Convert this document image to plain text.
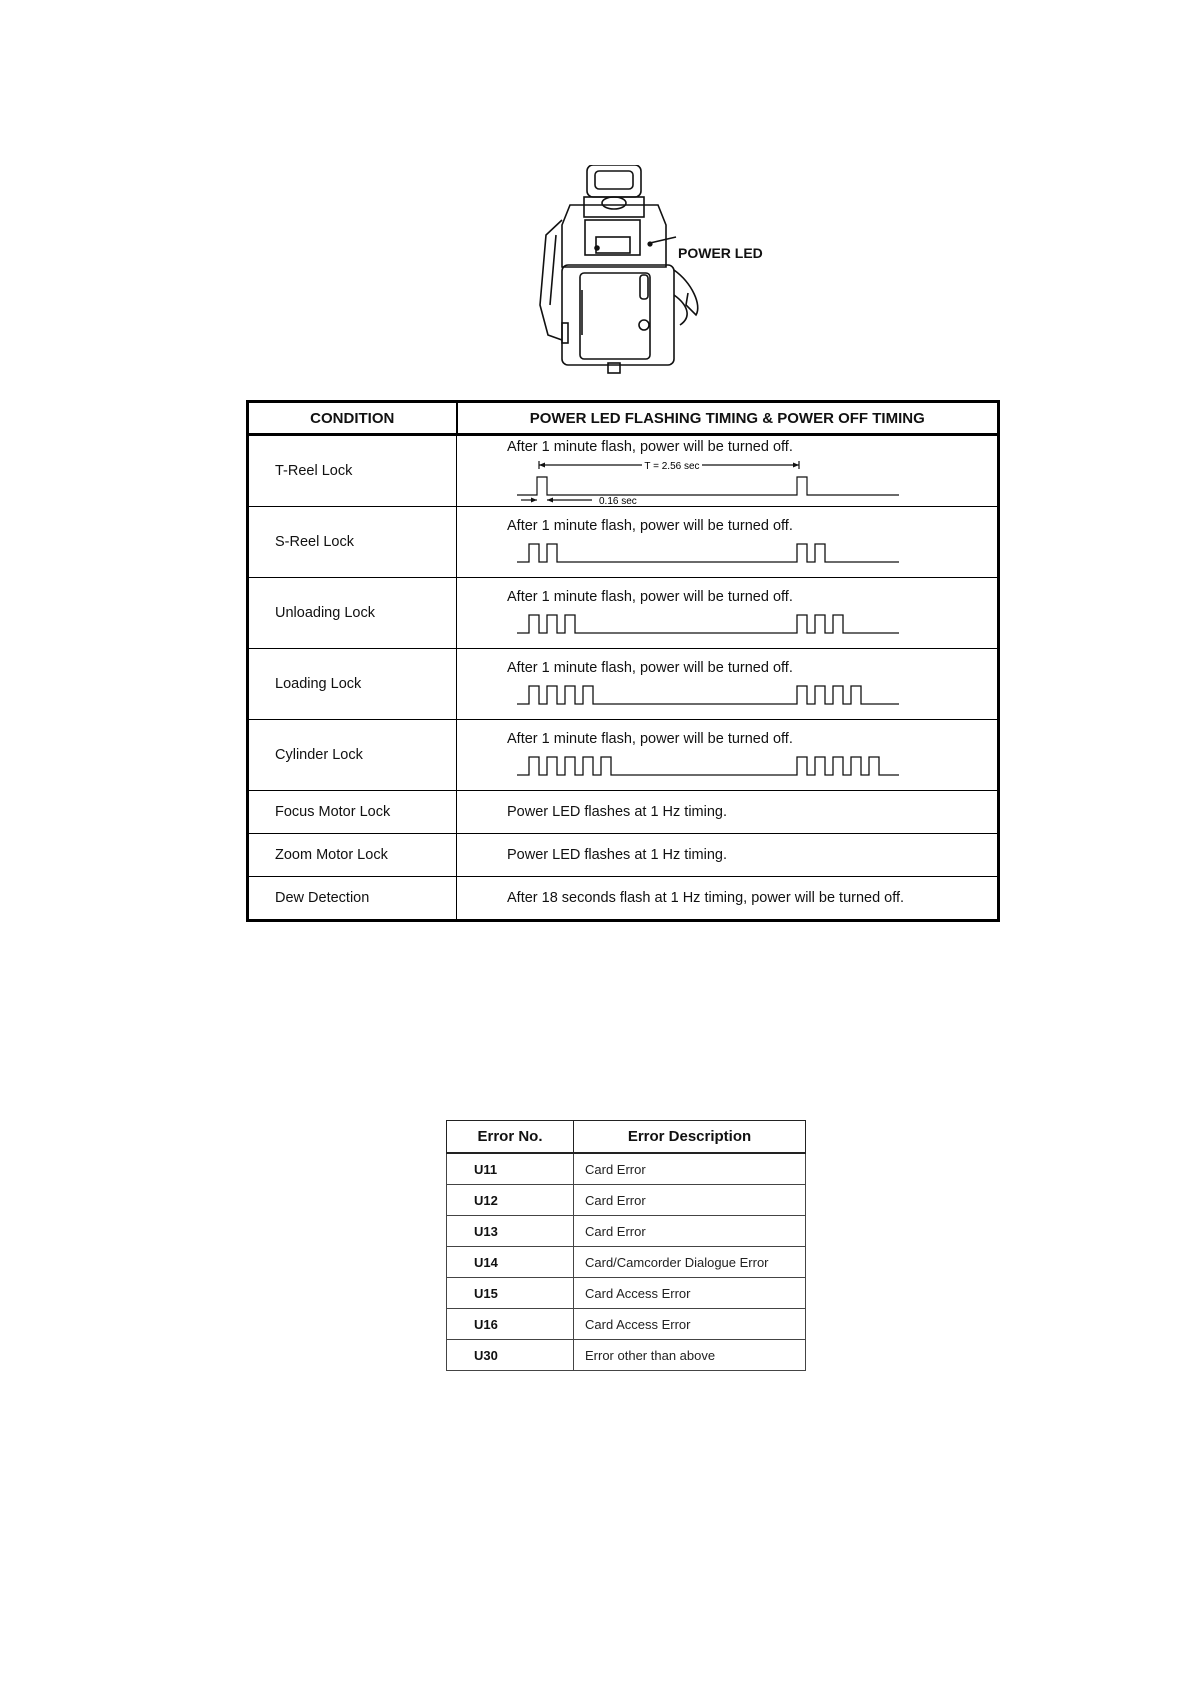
POWER LED
CONDITION	POWER LED FLASHING TIMING & POWER OFF TIMING
T-Reel Lock	After 1 minute flash, power will be turned off.
T = 2.56 sec
0.16 sec

S-Reel Lock	After 1 minute flash, power will be turned off.

Unloading Lock	After 1 minute flash, power will be turned off.

Loading Lock	After 1 minute flash, power will be turned off.

Cylinder Lock	After 1 minute flash, power will be turned off.

Focus Motor Lock	Power LED flashes at 1 Hz timing.
Zoom Motor Lock	Power LED flashes at 1 Hz timing.
Dew Detection	After 18 seconds flash at 1 Hz timing, power will be turned off.
Error No.	Error Description
U11	Card Error
U12	Card Error
U13	Card Error
U14	Card/Camcorder Dialogue Error
U15	Card Access Error
U16	Card Access Error
U30	Error other than above
